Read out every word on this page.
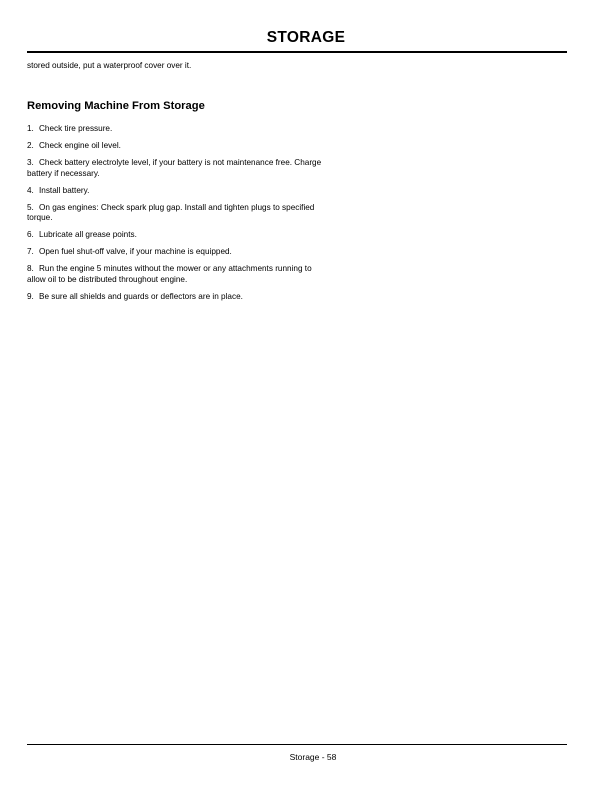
STORAGE
stored outside, put a waterproof cover over it.
Removing Machine From Storage
1. Check tire pressure.
2. Check engine oil level.
3. Check battery electrolyte level, if your battery is not maintenance free. Charge battery if necessary.
4. Install battery.
5. On gas engines: Check spark plug gap. Install and tighten plugs to specified torque.
6. Lubricate all grease points.
7. Open fuel shut-off valve, if your machine is equipped.
8. Run the engine 5 minutes without the mower or any attachments running to allow oil to be distributed throughout engine.
9. Be sure all shields and guards or deflectors are in place.
Storage - 58
